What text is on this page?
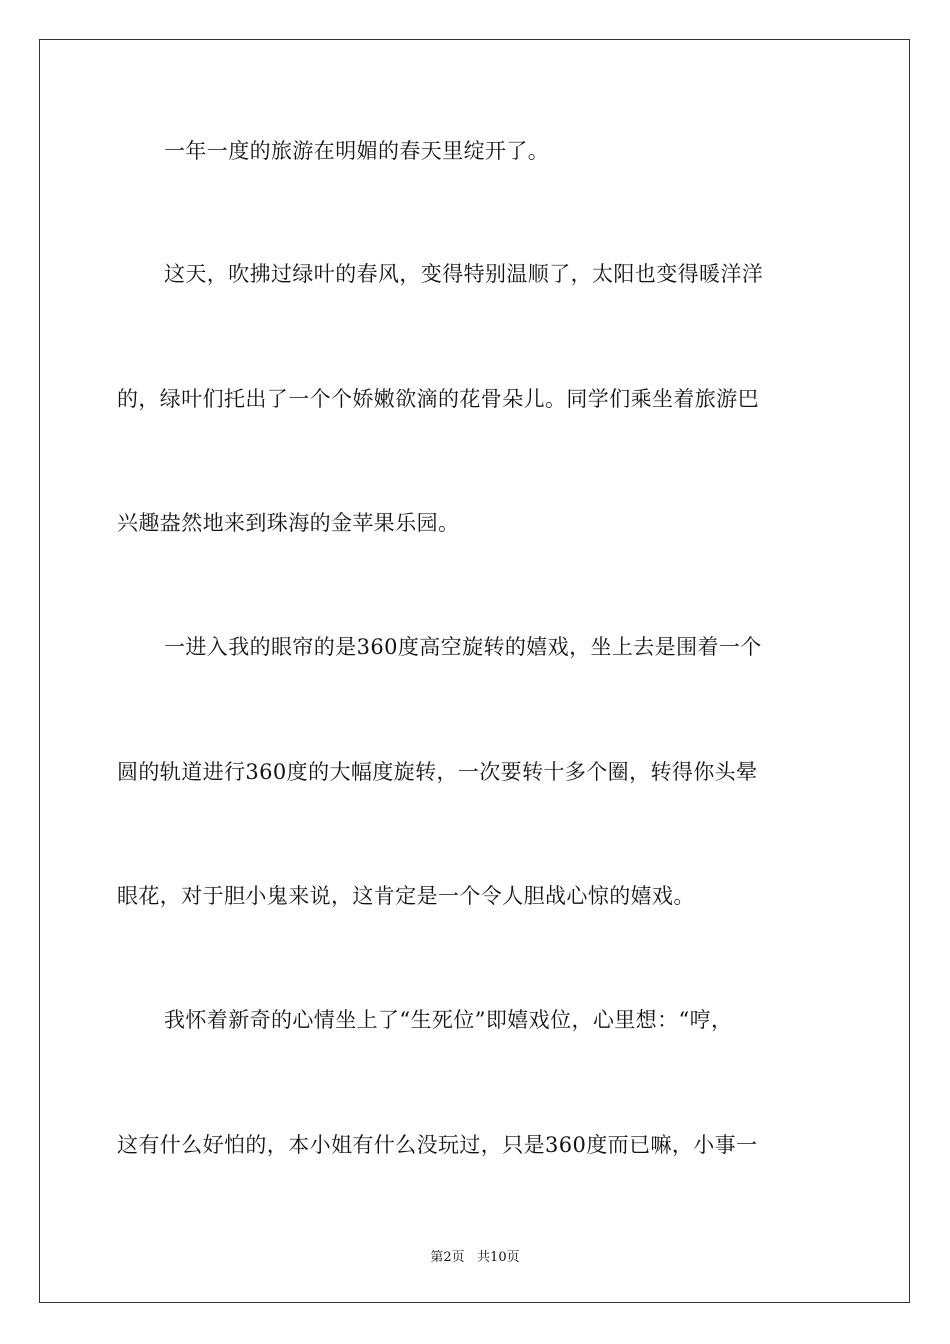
一年一度的旅游在明媚的春天里绽开了。
这天，吹拂过绿叶的春风，变得特别温顺了，太阳也变得暖洋洋
的，绿叶们托出了一个个娇嫩欲滴的花骨朵儿。同学们乘坐着旅游巴
兴趣盎然地来到珠海的金苹果乐园。
一进入我的眼帘的是360度高空旋转的嬉戏，坐上去是围着一个
圆的轨道进行360度的大幅度旋转，一次要转十多个圈，转得你头晕
眼花，对于胆小鬼来说，这肯定是一个令人胆战心惊的嬉戏。
我怀着新奇的心情坐上了“生死位”即嬉戏位，心里想：“哼，
这有什么好怕的，本小姐有什么没玩过，只是360度而已嘛，小事一
第2页   共10页
